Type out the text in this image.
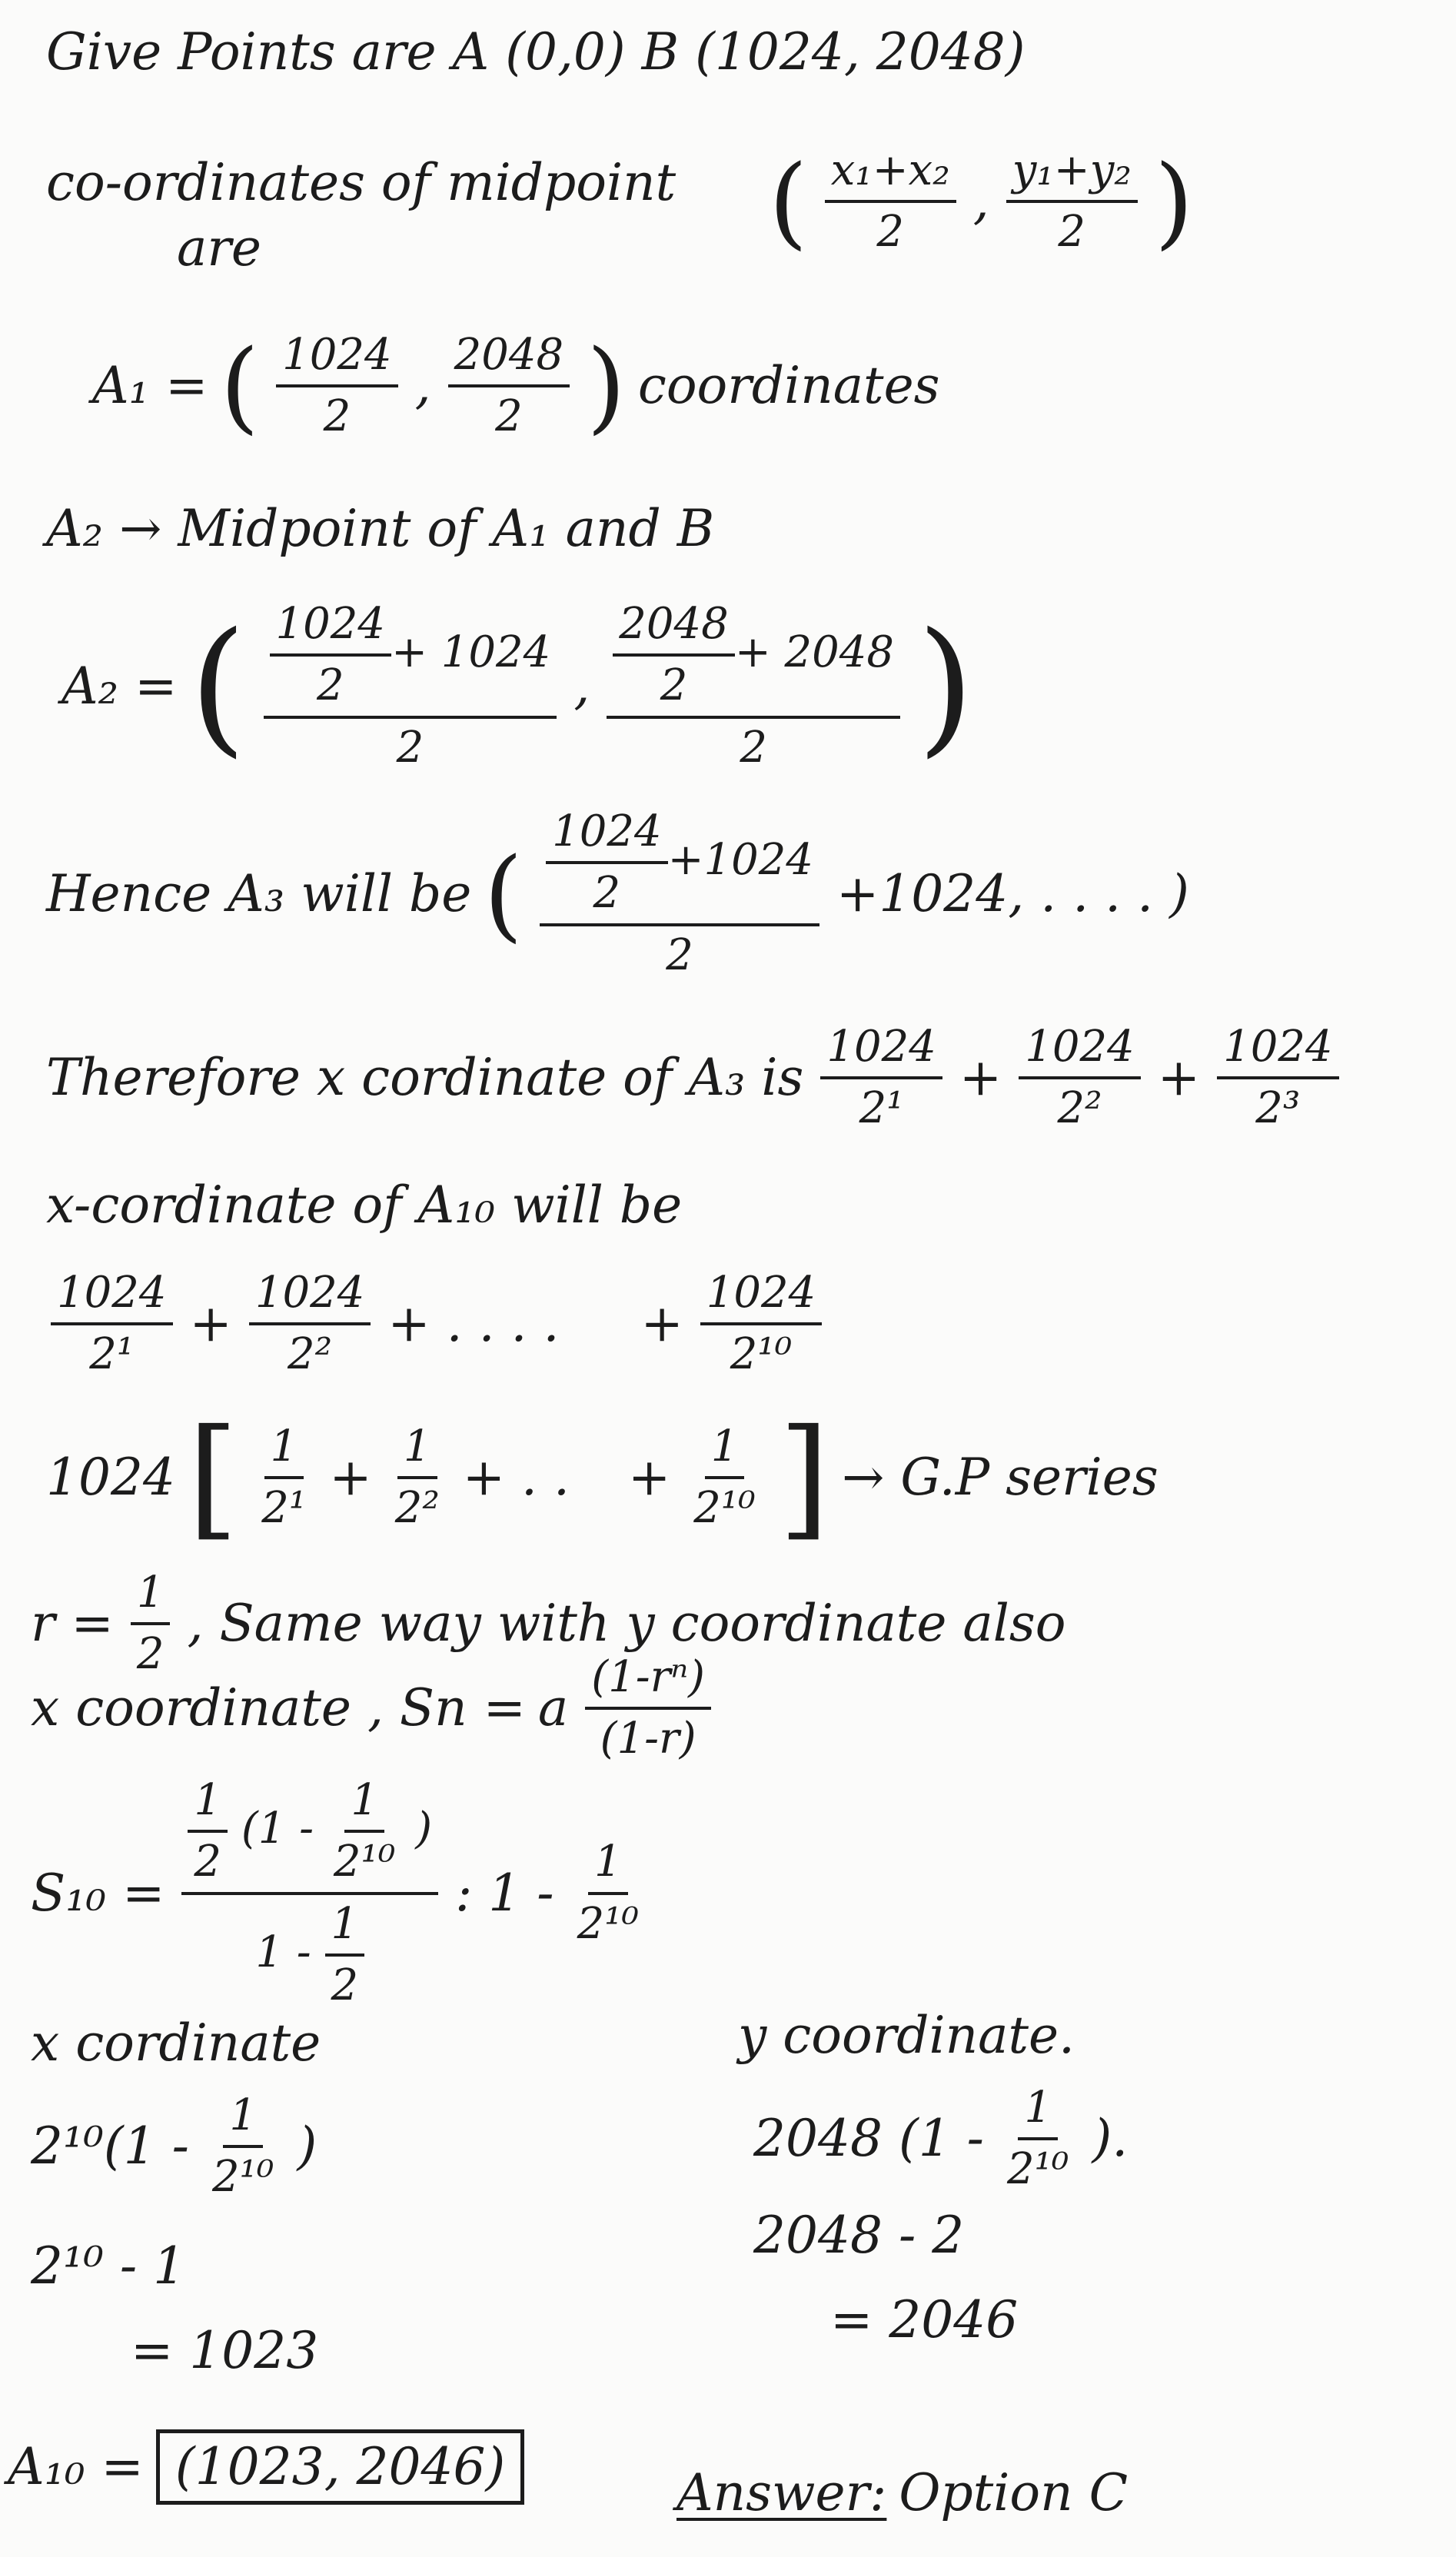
Give Points are A (0,0) B (1024, 2048)
co-ordinates of midpoint
are	( $\frac{\text{x₁+x₂}}{2}$ , $\frac{\text{y₁+y₂}}{2}$ )
A₁ = ( $\frac{1024}{2}$ , $\frac{2048}{2}$ ) coordinates
A₂ → Midpoint of A₁ and B
A₂ = ( $\frac{\frac{1024}{2} + 1024}{2}$ , $\frac{\frac{2048}{2} + 2048}{2}$ )
Hence A₃ will be ( $\frac{\frac{1024}{2} +1024}{2} +1024$, . . . . )
Therefore x cordinate of A₃ is $\frac{1024}{\text{2¹}} + \frac{1024}{\text{2²}} + \frac{1024}{\text{2³}}$
x-cordinate of A₁₀ will be
$\frac{1024}{\text{2¹}} + \frac{1024}{\text{2²}}$ + . . . . + $\frac{1024}{\text{2¹⁰}}$
1024 [ $\frac{1}{\text{2¹}} + \frac{1}{\text{2²}}$ + . . + $\frac{1}{\text{2¹⁰}}$ ] → G.P series
$r = \frac{1}{2}$ , Same way with y coordinate also
x coordinate , Sn = a $\frac{\text{(1-rⁿ)}}{(1-r)}$
$S_{10} = \frac{\frac{1}{2} (1 - \frac{1}{\text{2¹⁰}} )}{1 - \frac{1}{2}}$ : $1 - \frac{1}{\text{2¹⁰}}$
x cordinate
$2^{10}(1 - \frac{1}{\text{2¹⁰}}$ )
2¹⁰ - 1
= 1023
y coordinate.
2048 ($1 - \frac{1}{\text{2¹⁰}}$ ).
2048 - 2
= 2046
A₁₀ = (1023, 2046)	Answer: Option C
